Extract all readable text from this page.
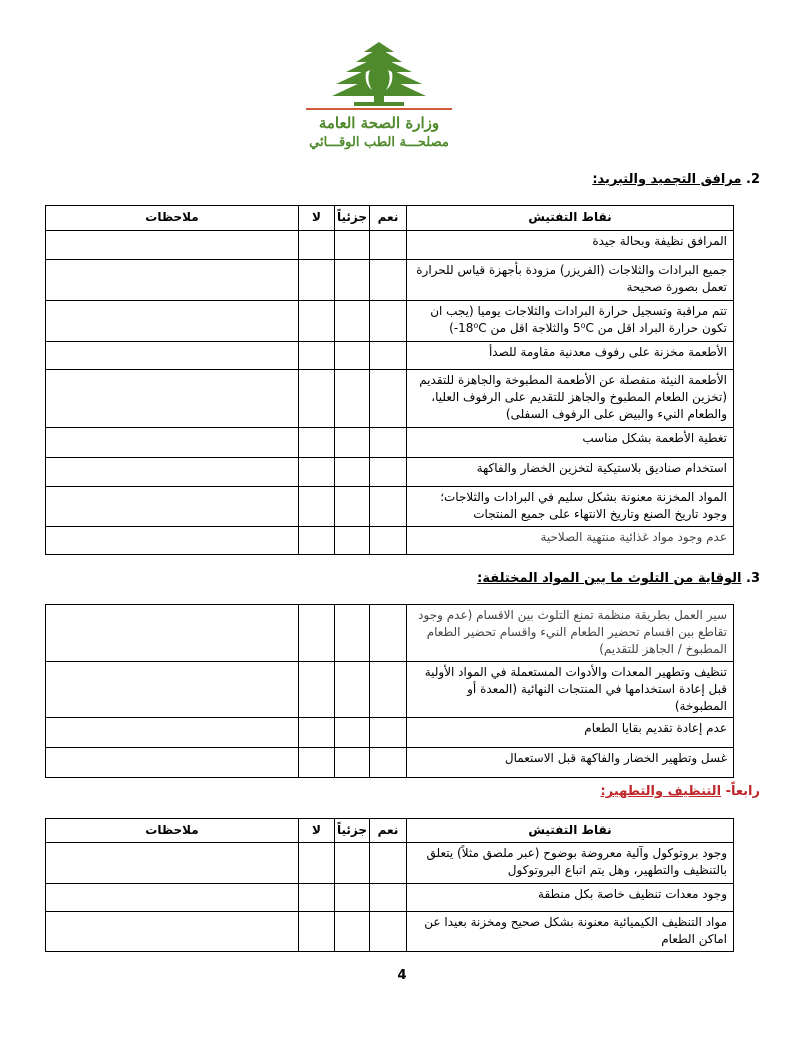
وزارة الصحة العامة
مصلحـــة الطب الوقـــائي
2. مرافق التجميد والتبريد:
نقاط التفتيش	نعم	جزئياً	لا	ملاحظات
المرافق نظيفة وبحالة جيدة				
جميع البرادات والثلاجات (الفريزر) مزودة بأجهزة قياس للحرارة تعمل بصورة صحيحة				
تتم مراقبة وتسجيل حرارة البرادات والثلاجات يوميا (يجب ان تكون حرارة البراد اقل من 5⁰C والثلاجة اقل من 18⁰C-)				
الأطعمة مخزنة على رفوف معدنية مقاومة للصدأ				
الأطعمة النيئة منفصلة عن الأطعمة المطبوخة والجاهزة للتقديم (تخزين الطعام المطبوخ والجاهز للتقديم على الرفوف العليا، والطعام النيء والبيض على الرفوف السفلى)				
تغطية الأطعمة بشكل مناسب				
استخدام صناديق بلاستيكية لتخزين الخضار والفاكهة				
المواد المخزنة معنونة بشكل سليم في البرادات والثلاجات؛ وجود تاريخ الصنع وتاريخ الانتهاء على جميع المنتجات				
عدم وجود مواد غذائية منتهية الصلاحية				
3. الوقاية من التلوث ما بين المواد المختلفة:
سير العمل بطريقة منظمة تمنع التلوث بين الاقسام (عدم وجود تقاطع بين اقسام تحضير الطعام النيء واقسام تحضير الطعام المطبوخ / الجاهز للتقديم)				
تنظيف وتطهير المعدات والأدوات المستعملة في المواد الأولية قبل إعادة استخدامها في المنتجات النهائية (المعدة أو المطبوخة)				
عدم إعادة تقديم بقايا الطعام				
غسل وتطهير الخضار والفاكهة قبل الاستعمال				
رابعاً- التنظيف والتطهير:
نقاط التفتيش	نعم	جزئياً	لا	ملاحظات
وجود بروتوكول وآلية معروضة بوضوح (عبر ملصق مثلاً) يتعلق بالتنظيف والتطهير، وهل يتم اتباع البروتوكول				
وجود معدات تنظيف خاصة بكل منطقة				
مواد التنظيف الكيميائية معنونة بشكل صحيح ومخزنة بعيدا عن اماكن الطعام				
4
